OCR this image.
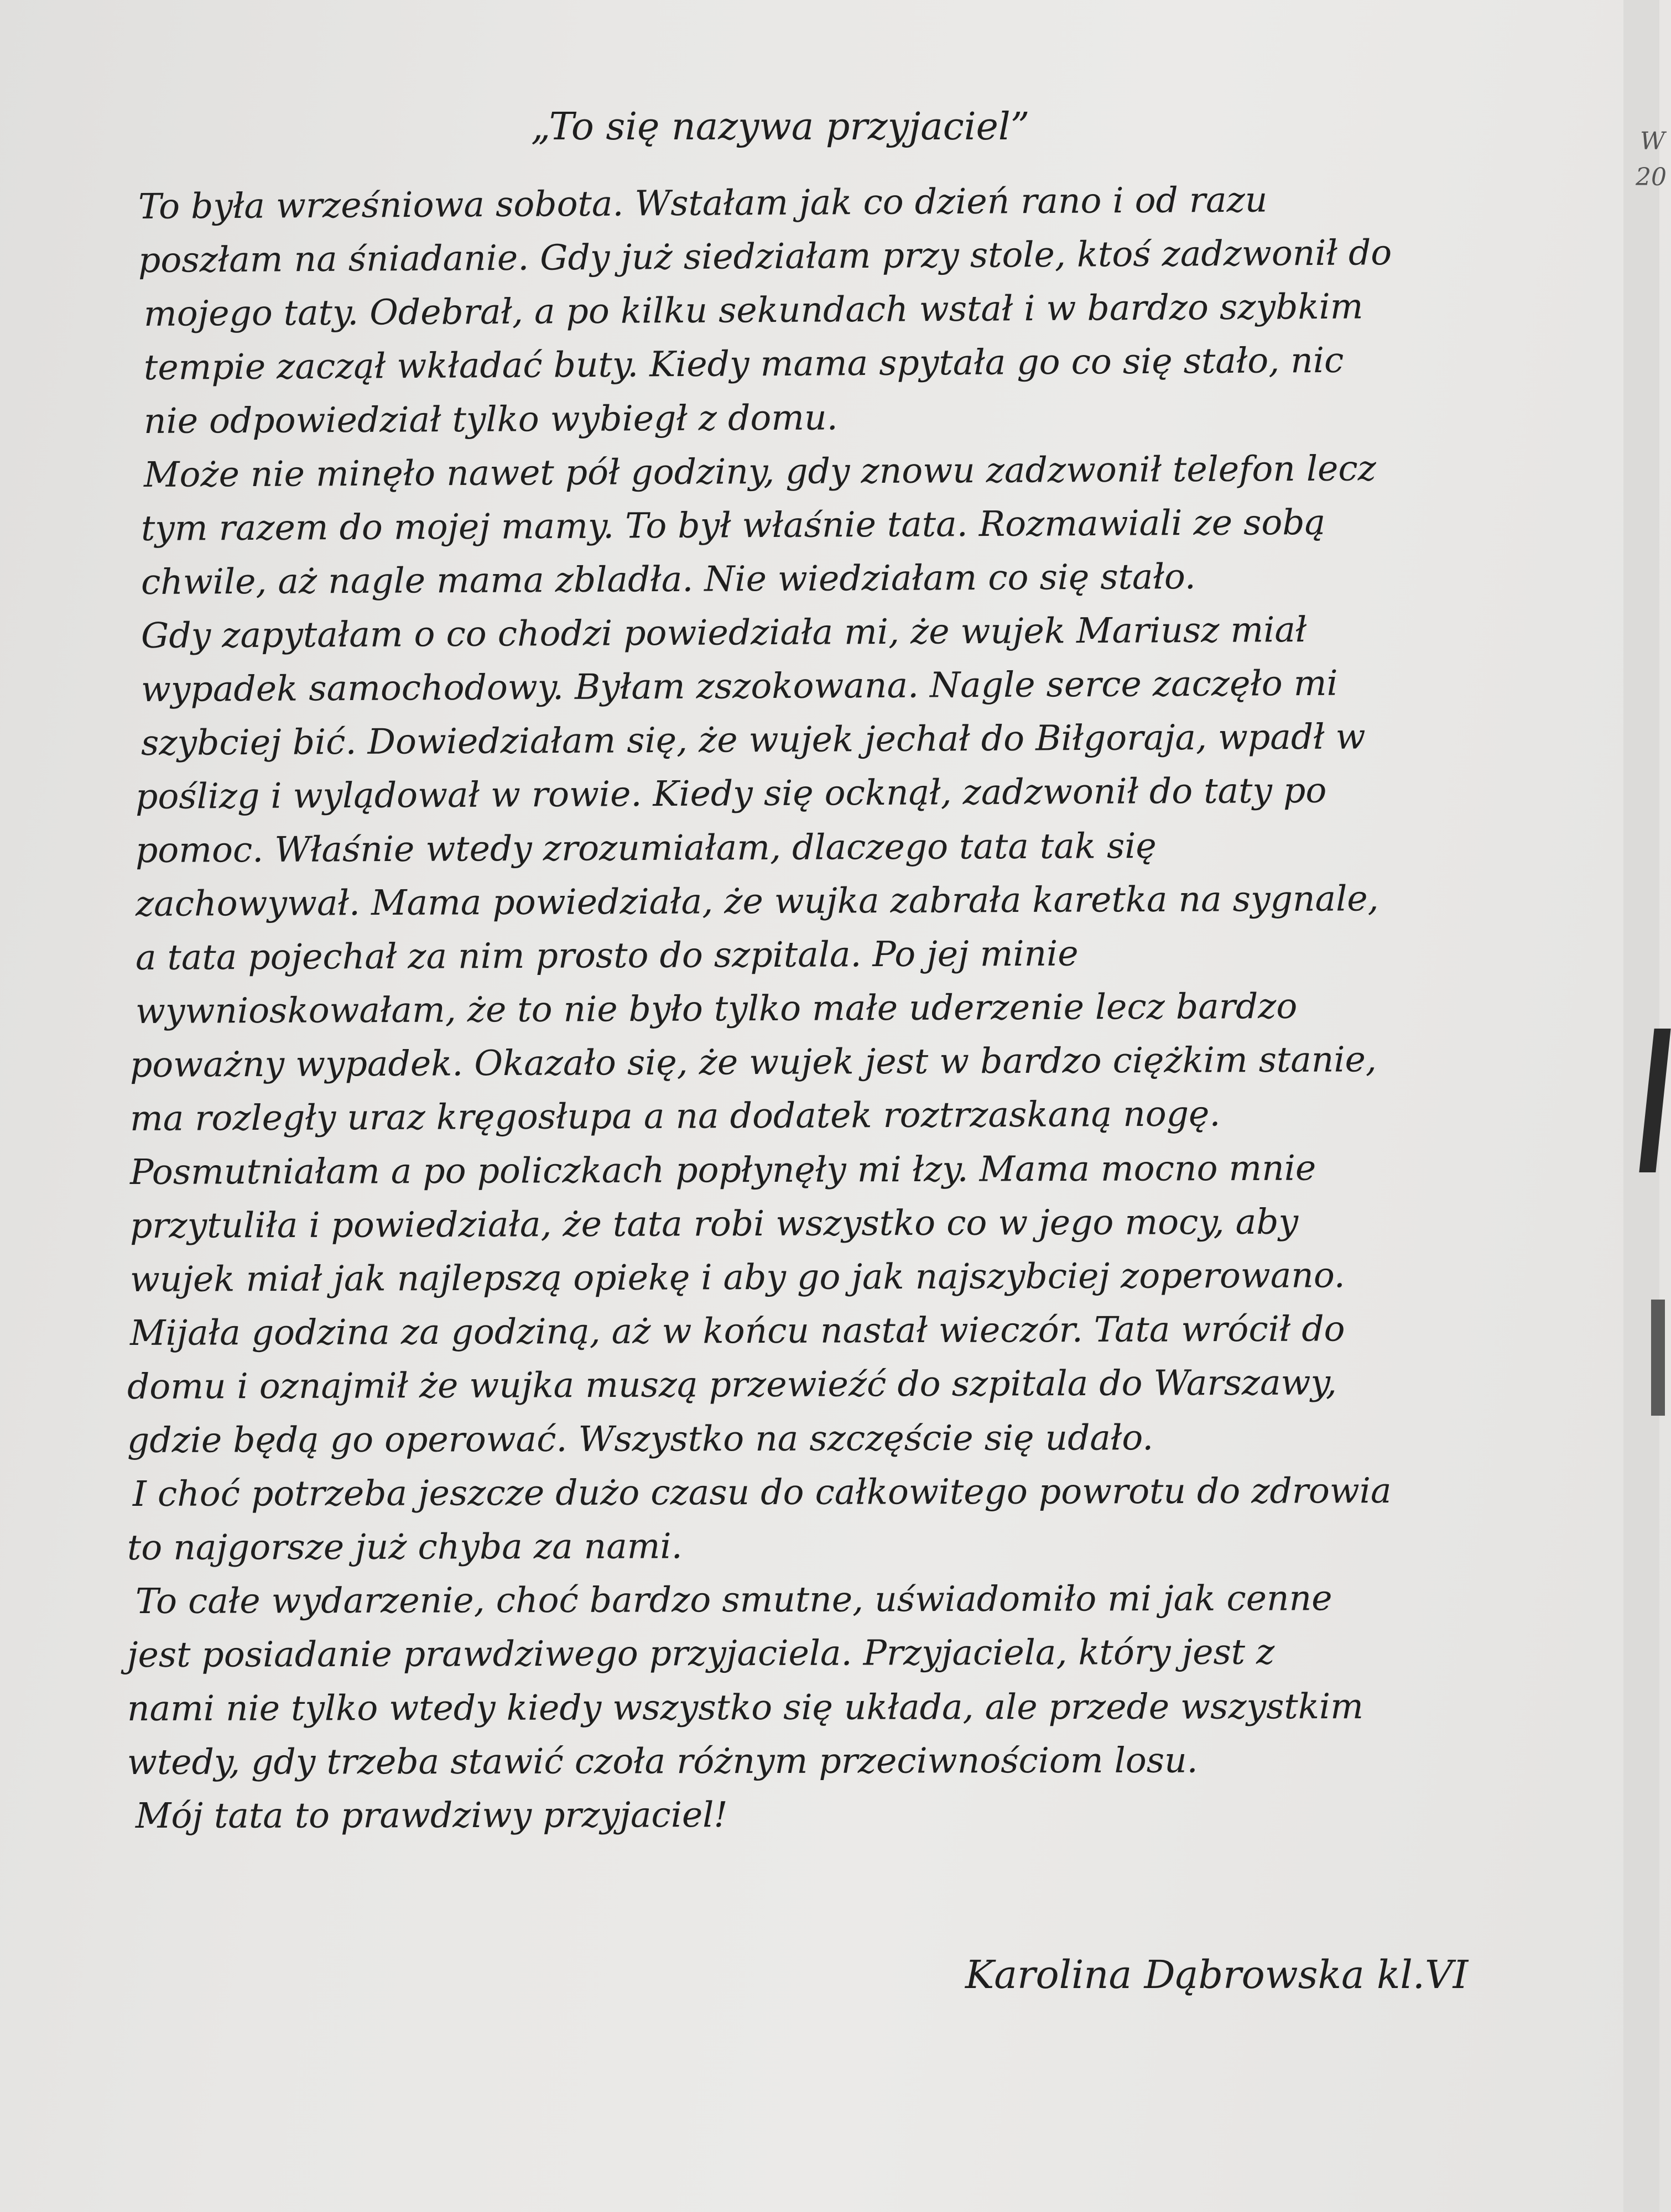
„To się nazywa przyjaciel”
To była wrześniowa sobota. Wstałam jak co dzień rano i od razu
poszłam na śniadanie. Gdy już siedziałam przy stole, ktoś zadzwonił do
mojego taty. Odebrał, a po kilku sekundach wstał i w bardzo szybkim
tempie zaczął wkładać buty. Kiedy mama spytała go co się stało, nic
nie odpowiedział tylko wybiegł z domu.
Może nie minęło nawet pół godziny, gdy znowu zadzwonił telefon lecz
tym razem do mojej mamy. To był właśnie tata. Rozmawiali ze sobą
chwile, aż nagle mama zbladła. Nie wiedziałam co się stało.
Gdy zapytałam o co chodzi powiedziała mi, że wujek Mariusz miał
wypadek samochodowy. Byłam zszokowana. Nagle serce zaczęło mi
szybciej bić. Dowiedziałam się, że wujek jechał do Biłgoraja, wpadł w
poślizg i wylądował w rowie. Kiedy się ocknął, zadzwonił do taty po
pomoc. Właśnie wtedy zrozumiałam, dlaczego tata tak się
zachowywał. Mama powiedziała, że wujka zabrała karetka na sygnale,
a tata pojechał za nim prosto do szpitala. Po jej minie
wywnioskowałam, że to nie było tylko małe uderzenie lecz bardzo
poważny wypadek. Okazało się, że wujek jest w bardzo ciężkim stanie,
ma rozległy uraz kręgosłupa a na dodatek roztrzaskaną nogę.
Posmutniałam a po policzkach popłynęły mi łzy. Mama mocno mnie
przytuliła i powiedziała, że tata robi wszystko co w jego mocy, aby
wujek miał jak najlepszą opiekę i aby go jak najszybciej zoperowano.
Mijała godzina za godziną, aż w końcu nastał wieczór. Tata wrócił do
domu i oznajmił że wujka muszą przewieźć do szpitala do Warszawy,
gdzie będą go operować. Wszystko na szczęście się udało.
I choć potrzeba jeszcze dużo czasu do całkowitego powrotu do zdrowia
to najgorsze już chyba za nami.
To całe wydarzenie, choć bardzo smutne, uświadomiło mi jak cenne
jest posiadanie prawdziwego przyjaciela. Przyjaciela, który jest z
nami nie tylko wtedy kiedy wszystko się układa, ale przede wszystkim
wtedy, gdy trzeba stawić czoła różnym przeciwnościom losu.
Mój tata to prawdziwy przyjaciel!
Karolina Dąbrowska kl.VI
W
20
